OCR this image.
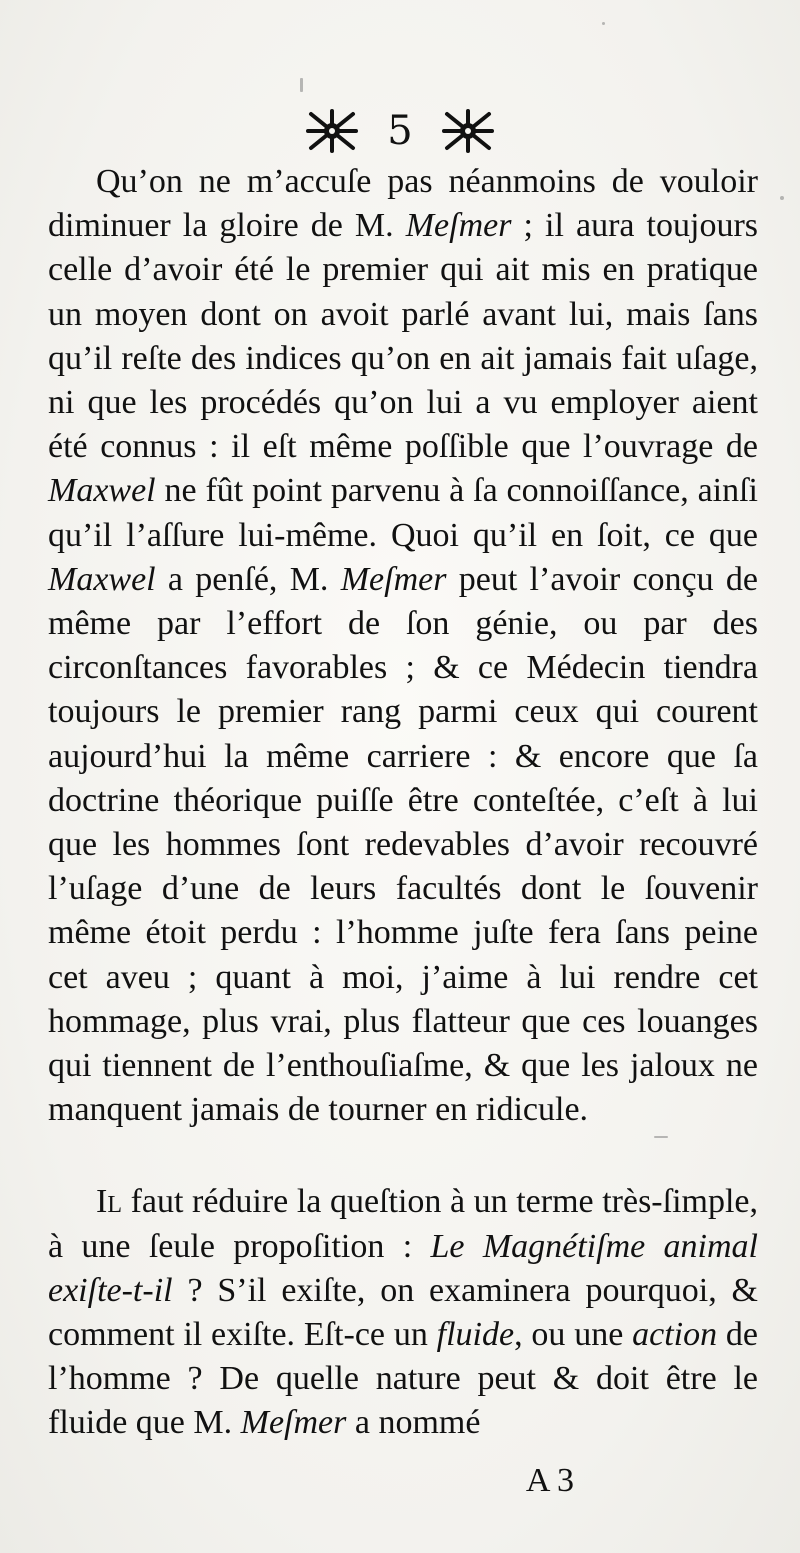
5

Qu’on ne m’accuſe pas néanmoins de vouloir diminuer la gloire de M. Meſmer ; il aura toujours celle d’avoir été le premier qui ait mis en pratique un moyen dont on avoit parlé avant lui, mais ſans qu’il reſte des indices qu’on en ait jamais fait uſage, ni que les procédés qu’on lui a vu employer aient été connus : il eſt même poſſible que l’ouvrage de Maxwel ne fût point parvenu à ſa connoiſſance, ainſi qu’il l’aſſure lui-même. Quoi qu’il en ſoit, ce que Maxwel a penſé, M. Meſmer peut l’avoir conçu de même par l’effort de ſon génie, ou par des circonſtances favorables ; & ce Médecin tiendra toujours le premier rang parmi ceux qui courent aujourd’hui la même carriere : & encore que ſa doctrine théorique puiſſe être conteſtée, c’eſt à lui que les hommes ſont redevables d’avoir recouvré l’uſage d’une de leurs facultés dont le ſouvenir même étoit perdu : l’homme juſte fera ſans peine cet aveu ; quant à moi, j’aime à lui rendre cet hommage, plus vrai, plus flatteur que ces louanges qui tiennent de l’enthouſiaſme, & que les jaloux ne manquent jamais de tourner en ridicule.

Il faut réduire la queſtion à un terme très-ſimple, à une ſeule propoſition : Le Magnétiſme animal exiſte-t-il ? S’il exiſte, on examinera pourquoi, & comment il exiſte. Eſt-ce un fluide, ou une action de l’homme ? De quelle nature peut & doit être le fluide que M. Meſmer a nommé

A 3
